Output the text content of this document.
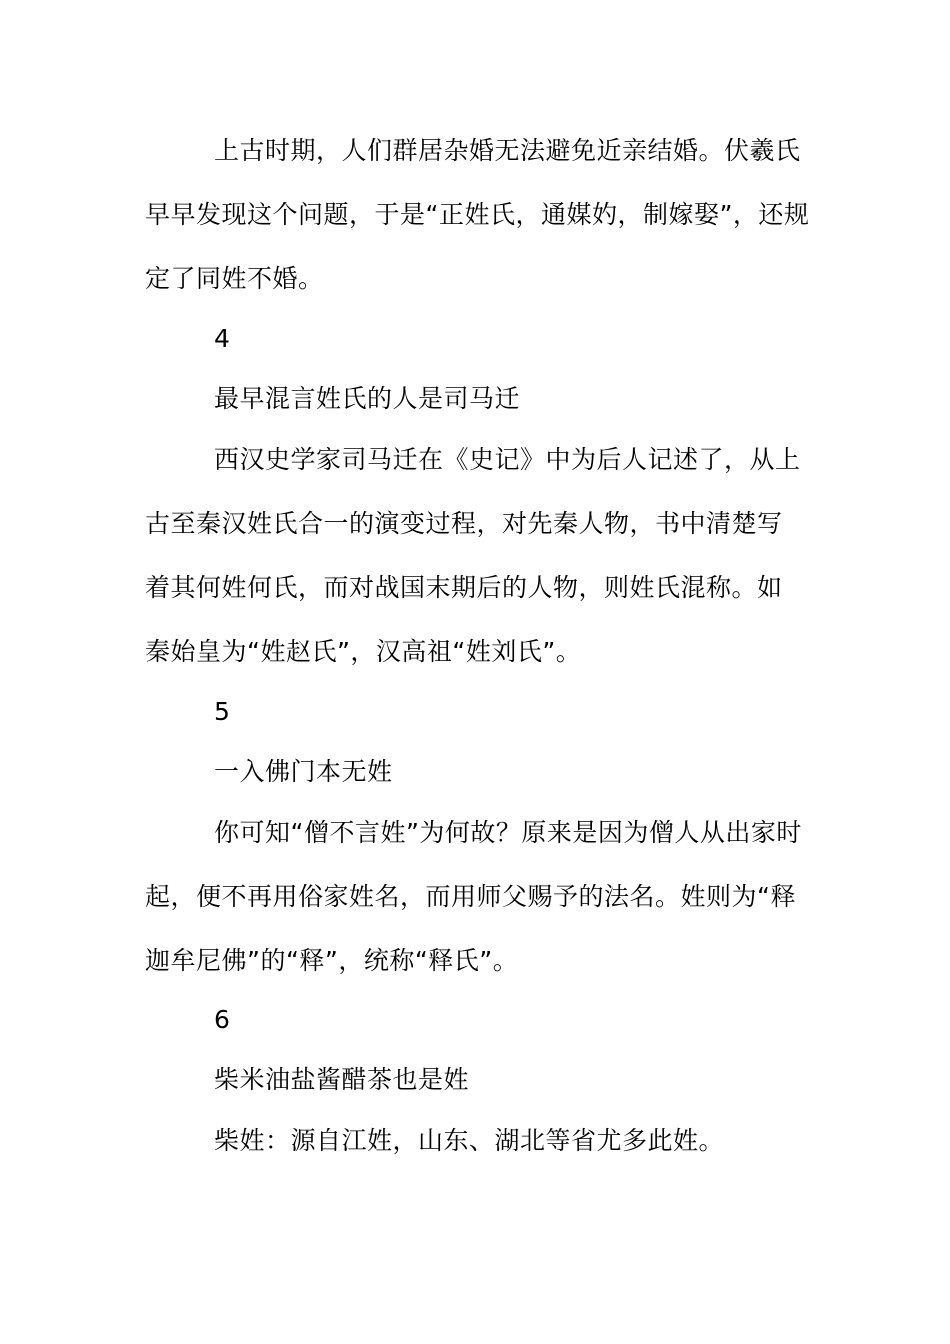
上古时期，人们群居杂婚无法避免近亲结婚。伏羲氏
早早发现这个问题，于是“正姓氏，通媒妁，制嫁娶”，还规
定了同姓不婚。
4
最早混言姓氏的人是司马迁
西汉史学家司马迁在《史记》中为后人记述了，从上
古至秦汉姓氏合一的演变过程，对先秦人物，书中清楚写
着其何姓何氏，而对战国末期后的人物，则姓氏混称。如
秦始皇为“姓赵氏”，汉高祖“姓刘氏”。
5
一入佛门本无姓
你可知“僧不言姓”为何故？原来是因为僧人从出家时
起，便不再用俗家姓名，而用师父赐予的法名。姓则为“释
迦牟尼佛”的“释”，统称“释氏”。
6
柴米油盐酱醋茶也是姓
柴姓：源自江姓，山东、湖北等省尤多此姓。
